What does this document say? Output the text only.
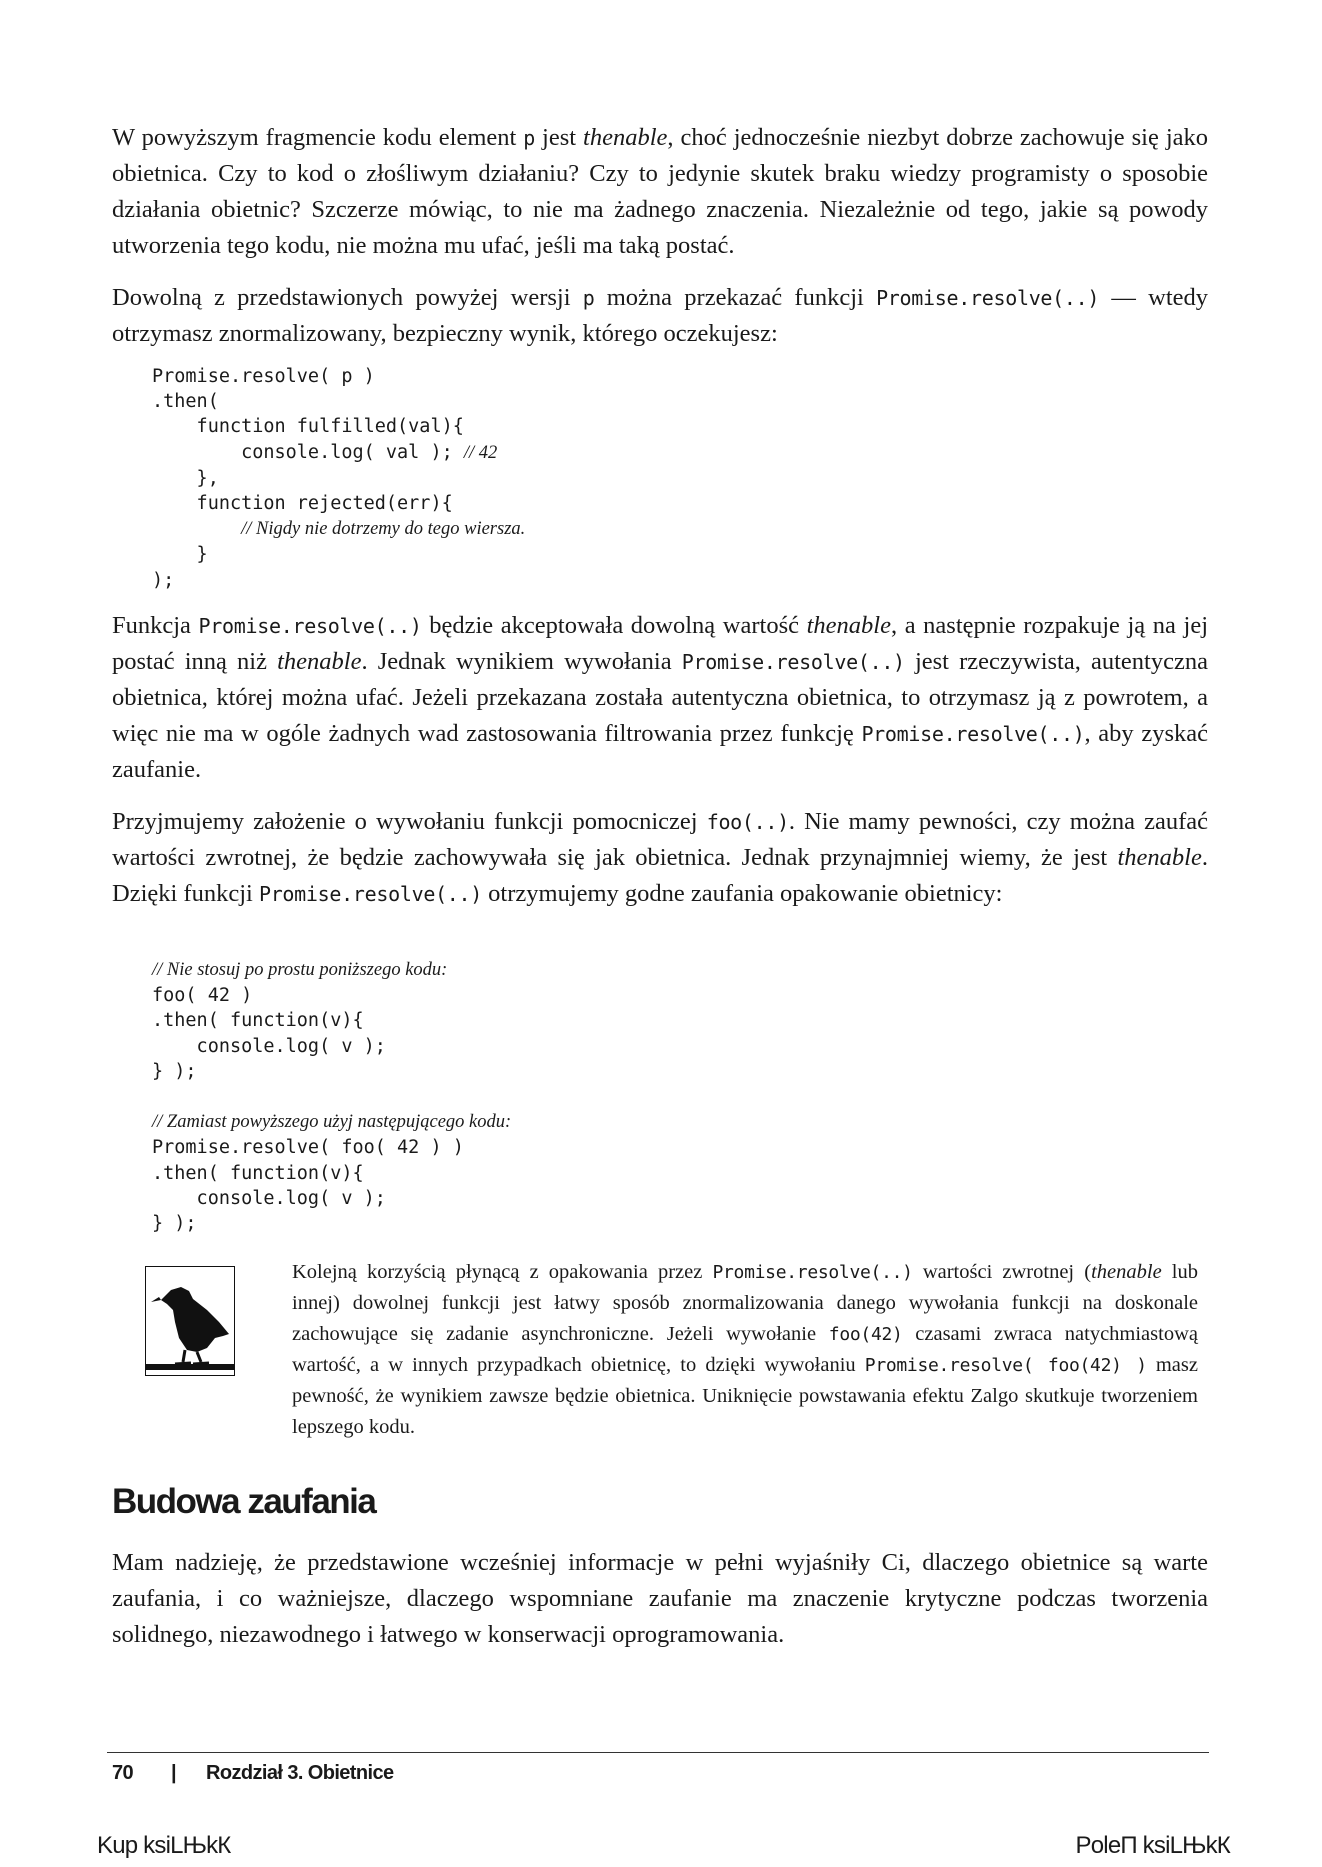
W powyższym fragmencie kodu element p jest thenable, choć jednocześnie niezbyt dobrze zachowuje się jako obietnica. Czy to kod o złośliwym działaniu? Czy to jedynie skutek braku wiedzy programisty o sposobie działania obietnic? Szczerze mówiąc, to nie ma żadnego znaczenia. Niezależnie od tego, jakie są powody utworzenia tego kodu, nie można mu ufać, jeśli ma taką postać.

Dowolną z przedstawionych powyżej wersji p można przekazać funkcji Promise.resolve(..) — wtedy otrzymasz znormalizowany, bezpieczny wynik, którego oczekujesz:

Promise.resolve( p )
.then(
function fulfilled(val){
console.log( val ); // 42
},
function rejected(err){
// Nigdy nie dotrzemy do tego wiersza.
}
);

Funkcja Promise.resolve(..) będzie akceptowała dowolną wartość thenable, a następnie rozpakuje ją na jej postać inną niż thenable. Jednak wynikiem wywołania Promise.resolve(..) jest rzeczywista, autentyczna obietnica, której można ufać. Jeżeli przekazana została autentyczna obietnica, to otrzymasz ją z powrotem, a więc nie ma w ogóle żadnych wad zastosowania filtrowania przez funkcję Promise.resolve(..), aby zyskać zaufanie.

Przyjmujemy założenie o wywołaniu funkcji pomocniczej foo(..). Nie mamy pewności, czy można zaufać wartości zwrotnej, że będzie zachowywała się jak obietnica. Jednak przynajmniej wiemy, że jest thenable. Dzięki funkcji Promise.resolve(..) otrzymujemy godne zaufania opakowanie obietnicy:

// Nie stosuj po prostu poniższego kodu:
foo( 42 )
.then( function(v){
console.log( v );
} );

// Zamiast powyższego użyj następującego kodu:
Promise.resolve( foo( 42 ) )
.then( function(v){
console.log( v );
} );

Kolejną korzyścią płynącą z opakowania przez Promise.resolve(..) wartości zwrotnej (thenable lub innej) dowolnej funkcji jest łatwy sposób znormalizowania danego wywołania funkcji na doskonale zachowujące się zadanie asynchroniczne. Jeżeli wywołanie foo(42) czasami zwraca natychmiastową wartość, a w innych przypadkach obietnicę, to dzięki wywołaniu Promise.resolve( foo(42) ) masz pewność, że wynikiem zawsze będzie obietnica. Uniknięcie powstawania efektu Zalgo skutkuje tworzeniem lepszego kodu.

Budowa zaufania

Mam nadzieję, że przedstawione wcześniej informacje w pełni wyjaśniły Ci, dlaczego obietnice są warte zaufania, i co ważniejsze, dlaczego wspomniane zaufanie ma znaczenie krytyczne podczas tworzenia solidnego, niezawodnego i łatwego w konserwacji oprogramowania.

70 | Rozdział 3. Obietnice
Kup ksiLЊkК	PoleП ksiLЊkК
